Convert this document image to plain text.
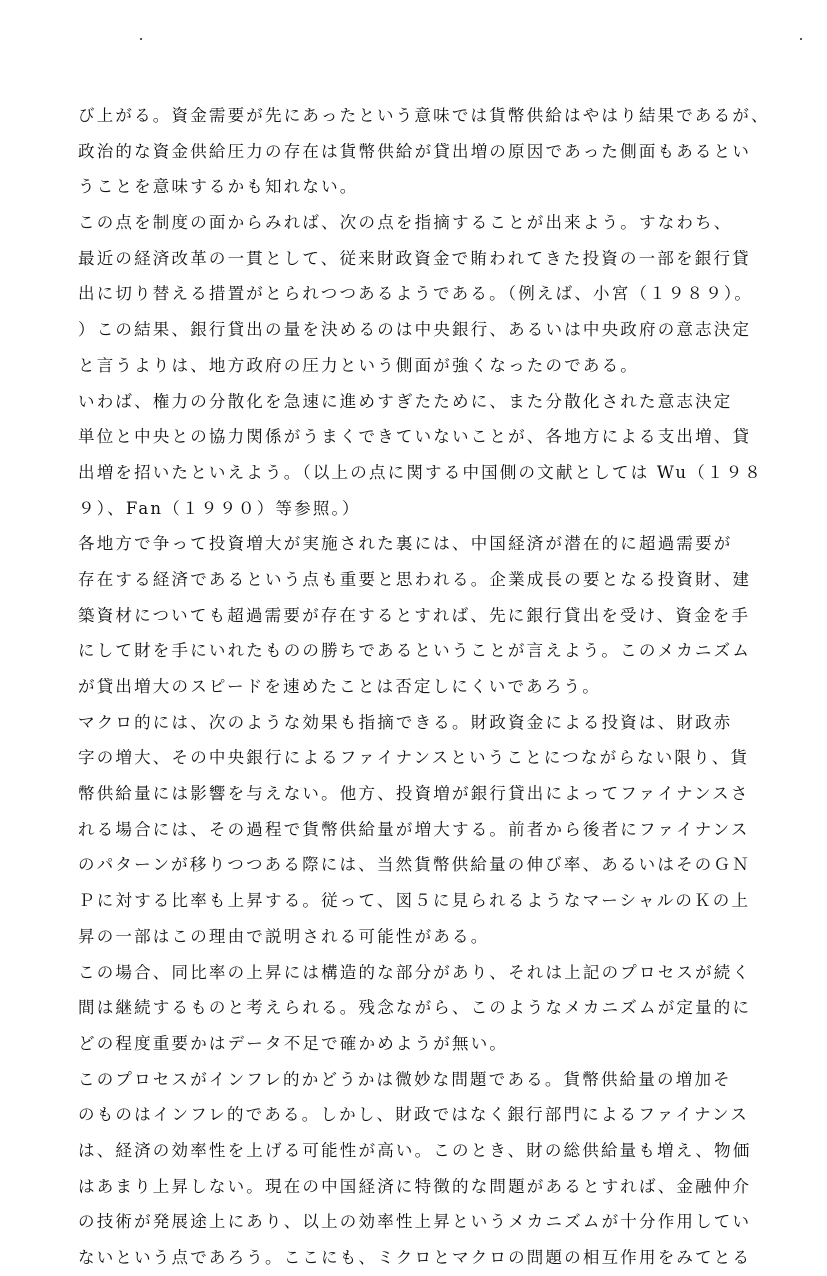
び上がる。資金需要が先にあったという意味では貨幣供給はやはり結果であるが、
政治的な資金供給圧力の存在は貨幣供給が貸出増の原因であった側面もあるとい
うことを意味するかも知れない。
この点を制度の面からみれば、次の点を指摘することが出来よう。すなわち、
最近の経済改革の一貫として、従来財政資金で賄われてきた投資の一部を銀行貸
出に切り替える措置がとられつつあるようである。（例えば、小宮（１９８９）。
）この結果、銀行貸出の量を決めるのは中央銀行、あるいは中央政府の意志決定
と言うよりは、地方政府の圧力という側面が強くなったのである。
いわば、権力の分散化を急速に進めすぎたために、また分散化された意志決定
単位と中央との協力関係がうまくできていないことが、各地方による支出増、貸
出増を招いたといえよう。（以上の点に関する中国側の文献としては Wu（１９８
９）、Fan（１９９０）等参照。）
各地方で争って投資増大が実施された裏には、中国経済が潜在的に超過需要が
存在する経済であるという点も重要と思われる。企業成長の要となる投資財、建
築資材についても超過需要が存在するとすれば、先に銀行貸出を受け、資金を手
にして財を手にいれたものの勝ちであるということが言えよう。このメカニズム
が貸出増大のスピードを速めたことは否定しにくいであろう。
マクロ的には、次のような効果も指摘できる。財政資金による投資は、財政赤
字の増大、その中央銀行によるファイナンスということにつながらない限り、貨
幣供給量には影響を与えない。他方、投資増が銀行貸出によってファイナンスさ
れる場合には、その過程で貨幣供給量が増大する。前者から後者にファイナンス
のパターンが移りつつある際には、当然貨幣供給量の伸び率、あるいはそのＧＮ
Ｐに対する比率も上昇する。従って、図５に見られるようなマーシャルのＫの上
昇の一部はこの理由で説明される可能性がある。
この場合、同比率の上昇には構造的な部分があり、それは上記のプロセスが続く
間は継続するものと考えられる。残念ながら、このようなメカニズムが定量的に
どの程度重要かはデータ不足で確かめようが無い。
このプロセスがインフレ的かどうかは微妙な問題である。貨幣供給量の増加そ
のものはインフレ的である。しかし、財政ではなく銀行部門によるファイナンス
は、経済の効率性を上げる可能性が高い。このとき、財の総供給量も増え、物価
はあまり上昇しない。現在の中国経済に特徴的な問題があるとすれば、金融仲介
の技術が発展途上にあり、以上の効率性上昇というメカニズムが十分作用してい
ないという点であろう。ここにも、ミクロとマクロの問題の相互作用をみてとる
